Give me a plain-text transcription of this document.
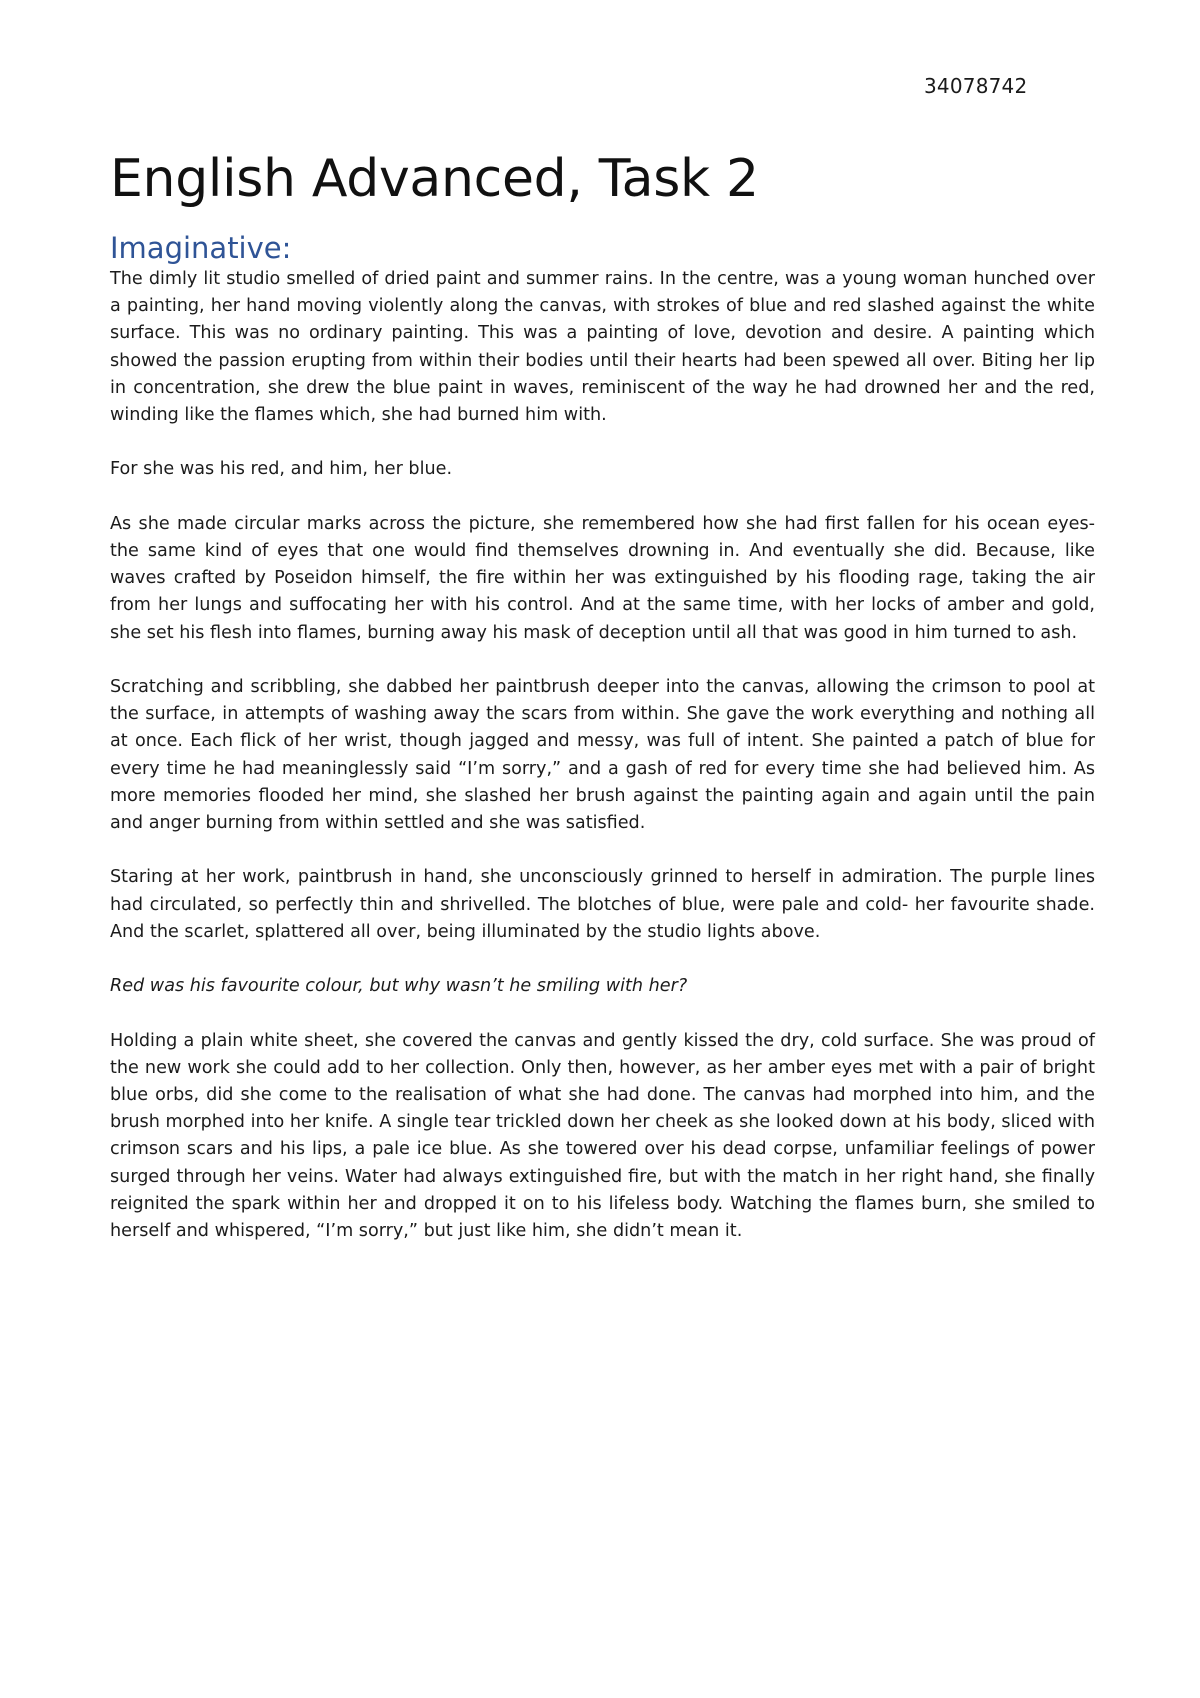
34078742
English Advanced, Task 2
Imaginative:

The dimly lit studio smelled of dried paint and summer rains. In the centre, was a young woman hunched over a painting, her hand moving violently along the canvas, with strokes of blue and red slashed against the white surface. This was no ordinary painting. This was a painting of love, devotion and desire. A painting which showed the passion erupting from within their bodies until their hearts had been spewed all over. Biting her lip in concentration, she drew the blue paint in waves, reminiscent of the way he had drowned her and the red, winding like the flames which, she had burned him with.

For she was his red, and him, her blue.

As she made circular marks across the picture, she remembered how she had first fallen for his ocean eyes- the same kind of eyes that one would find themselves drowning in. And eventually she did. Because, like waves crafted by Poseidon himself, the fire within her was extinguished by his flooding rage, taking the air from her lungs and suffocating her with his control. And at the same time, with her locks of amber and gold, she set his flesh into flames, burning away his mask of deception until all that was good in him turned to ash.

Scratching and scribbling, she dabbed her paintbrush deeper into the canvas, allowing the crimson to pool at the surface, in attempts of washing away the scars from within. She gave the work everything and nothing all at once. Each flick of her wrist, though jagged and messy, was full of intent. She painted a patch of blue for every time he had meaninglessly said “I’m sorry,” and a gash of red for every time she had believed him. As more memories flooded her mind, she slashed her brush against the painting again and again until the pain and anger burning from within settled and she was satisfied.

Staring at her work, paintbrush in hand, she unconsciously grinned to herself in admiration. The purple lines had circulated, so perfectly thin and shrivelled. The blotches of blue, were pale and cold- her favourite shade. And the scarlet, splattered all over, being illuminated by the studio lights above.

Red was his favourite colour, but why wasn’t he smiling with her?

Holding a plain white sheet, she covered the canvas and gently kissed the dry, cold surface. She was proud of the new work she could add to her collection. Only then, however, as her amber eyes met with a pair of bright blue orbs, did she come to the realisation of what she had done. The canvas had morphed into him, and the brush morphed into her knife. A single tear trickled down her cheek as she looked down at his body, sliced with crimson scars and his lips, a pale ice blue. As she towered over his dead corpse, unfamiliar feelings of power surged through her veins. Water had always extinguished fire, but with the match in her right hand, she finally reignited the spark within her and dropped it on to his lifeless body. Watching the flames burn, she smiled to herself and whispered, “I’m sorry,” but just like him, she didn’t mean it.
